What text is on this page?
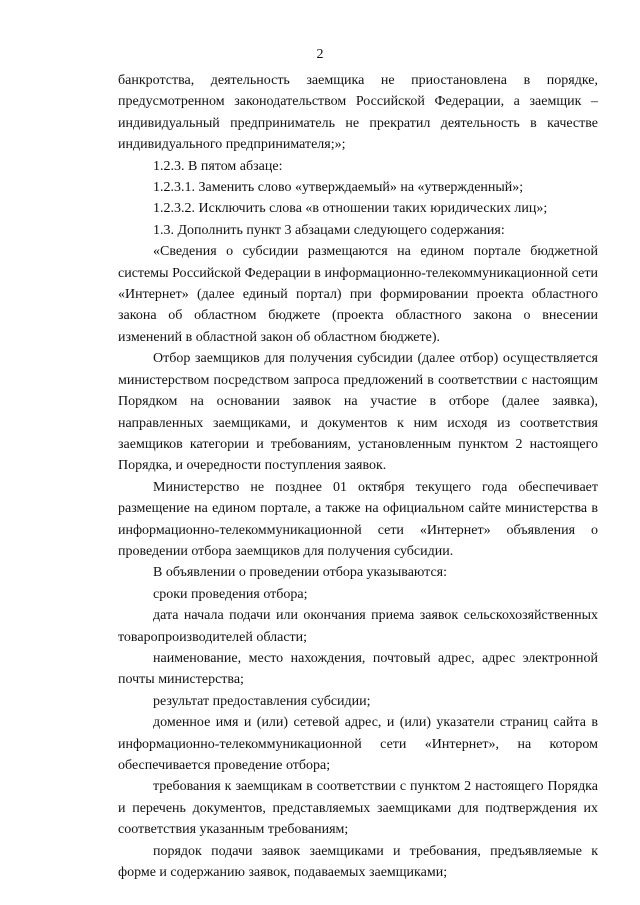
2

банкротства, деятельность заемщика не приостановлена в порядке, предусмотренном законодательством Российской Федерации, а заемщик – индивидуальный предприниматель не прекратил деятельность в качестве индивидуального предпринимателя;»;

1.2.3. В пятом абзаце:

1.2.3.1. Заменить слово «утверждаемый» на «утвержденный»;

1.2.3.2. Исключить слова «в отношении таких юридических лиц»;

1.3. Дополнить пункт 3 абзацами следующего содержания:

«Сведения о субсидии размещаются на едином портале бюджетной системы Российской Федерации в информационно-телекоммуникационной сети «Интернет» (далее единый портал) при формировании проекта областного закона об областном бюджете (проекта областного закона о внесении изменений в областной закон об областном бюджете).

Отбор заемщиков для получения субсидии (далее отбор) осуществляется министерством посредством запроса предложений в соответствии с настоящим Порядком на основании заявок на участие в отборе (далее заявка), направленных заемщиками, и документов к ним исходя из соответствия заемщиков категории и требованиям, установленным пунктом 2 настоящего Порядка, и очередности поступления заявок.

Министерство не позднее 01 октября текущего года обеспечивает размещение на едином портале, а также на официальном сайте министерства в информационно-телекоммуникационной сети «Интернет» объявления о проведении отбора заемщиков для получения субсидии.

В объявлении о проведении отбора указываются:

сроки проведения отбора;

дата начала подачи или окончания приема заявок сельскохозяйственных товаропроизводителей области;

наименование, место нахождения, почтовый адрес, адрес электронной почты министерства;

результат предоставления субсидии;

доменное имя и (или) сетевой адрес, и (или) указатели страниц сайта в информационно-телекоммуникационной сети «Интернет», на котором обеспечивается проведение отбора;

требования к заемщикам в соответствии с пунктом 2 настоящего Порядка и перечень документов, представляемых заемщиками для подтверждения их соответствия указанным требованиям;

порядок подачи заявок заемщиками и требования, предъявляемые к форме и содержанию заявок, подаваемых заемщиками;
